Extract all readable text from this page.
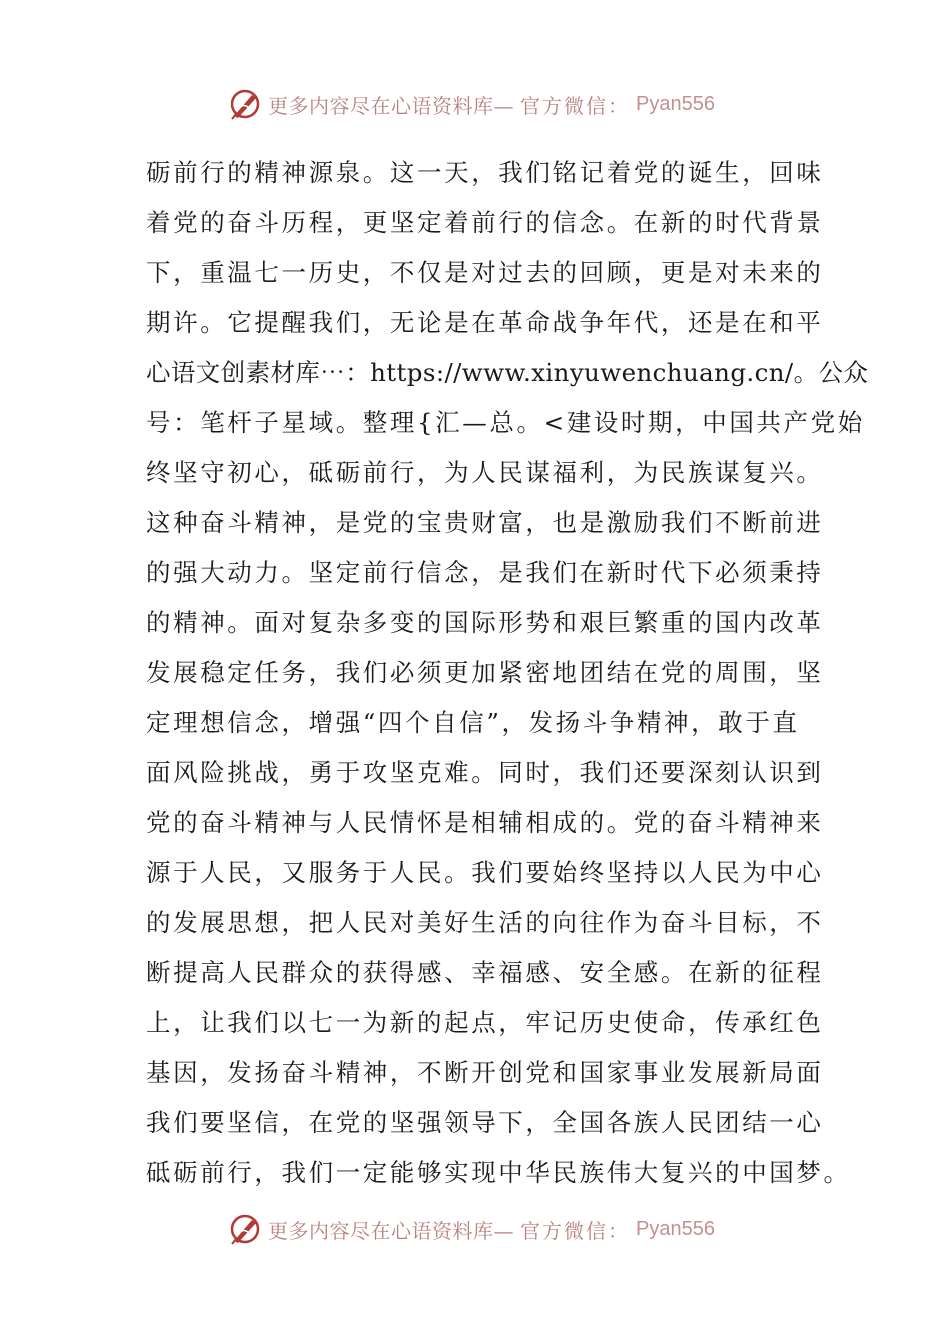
更多内容尽在心语资料库— 官方微信： Pyan556
砺前行的精神源泉。这一天，我们铭记着党的诞生，回味
着党的奋斗历程，更坚定着前行的信念。在新的时代背景
下，重温七一历史，不仅是对过去的回顾，更是对未来的
期许。它提醒我们，无论是在革命战争年代，还是在和平
心语文创素材库⋯：https://www.xinyuwenchuang.cn/。公众
号：笔杆子星域。整理{汇—总。<建设时期，中国共产党始
终坚守初心，砥砺前行，为人民谋福利，为民族谋复兴。
这种奋斗精神，是党的宝贵财富，也是激励我们不断前进
的强大动力。坚定前行信念，是我们在新时代下必须秉持
的精神。面对复杂多变的国际形势和艰巨繁重的国内改革
发展稳定任务，我们必须更加紧密地团结在党的周围，坚
定理想信念，增强“四个自信”，发扬斗争精神，敢于直
面风险挑战，勇于攻坚克难。同时，我们还要深刻认识到
党的奋斗精神与人民情怀是相辅相成的。党的奋斗精神来
源于人民，又服务于人民。我们要始终坚持以人民为中心
的发展思想，把人民对美好生活的向往作为奋斗目标，不
断提高人民群众的获得感、幸福感、安全感。在新的征程
上，让我们以七一为新的起点，牢记历史使命，传承红色
基因，发扬奋斗精神，不断开创党和国家事业发展新局面
我们要坚信，在党的坚强领导下，全国各族人民团结一心
砥砺前行，我们一定能够实现中华民族伟大复兴的中国梦。
更多内容尽在心语资料库— 官方微信： Pyan556
